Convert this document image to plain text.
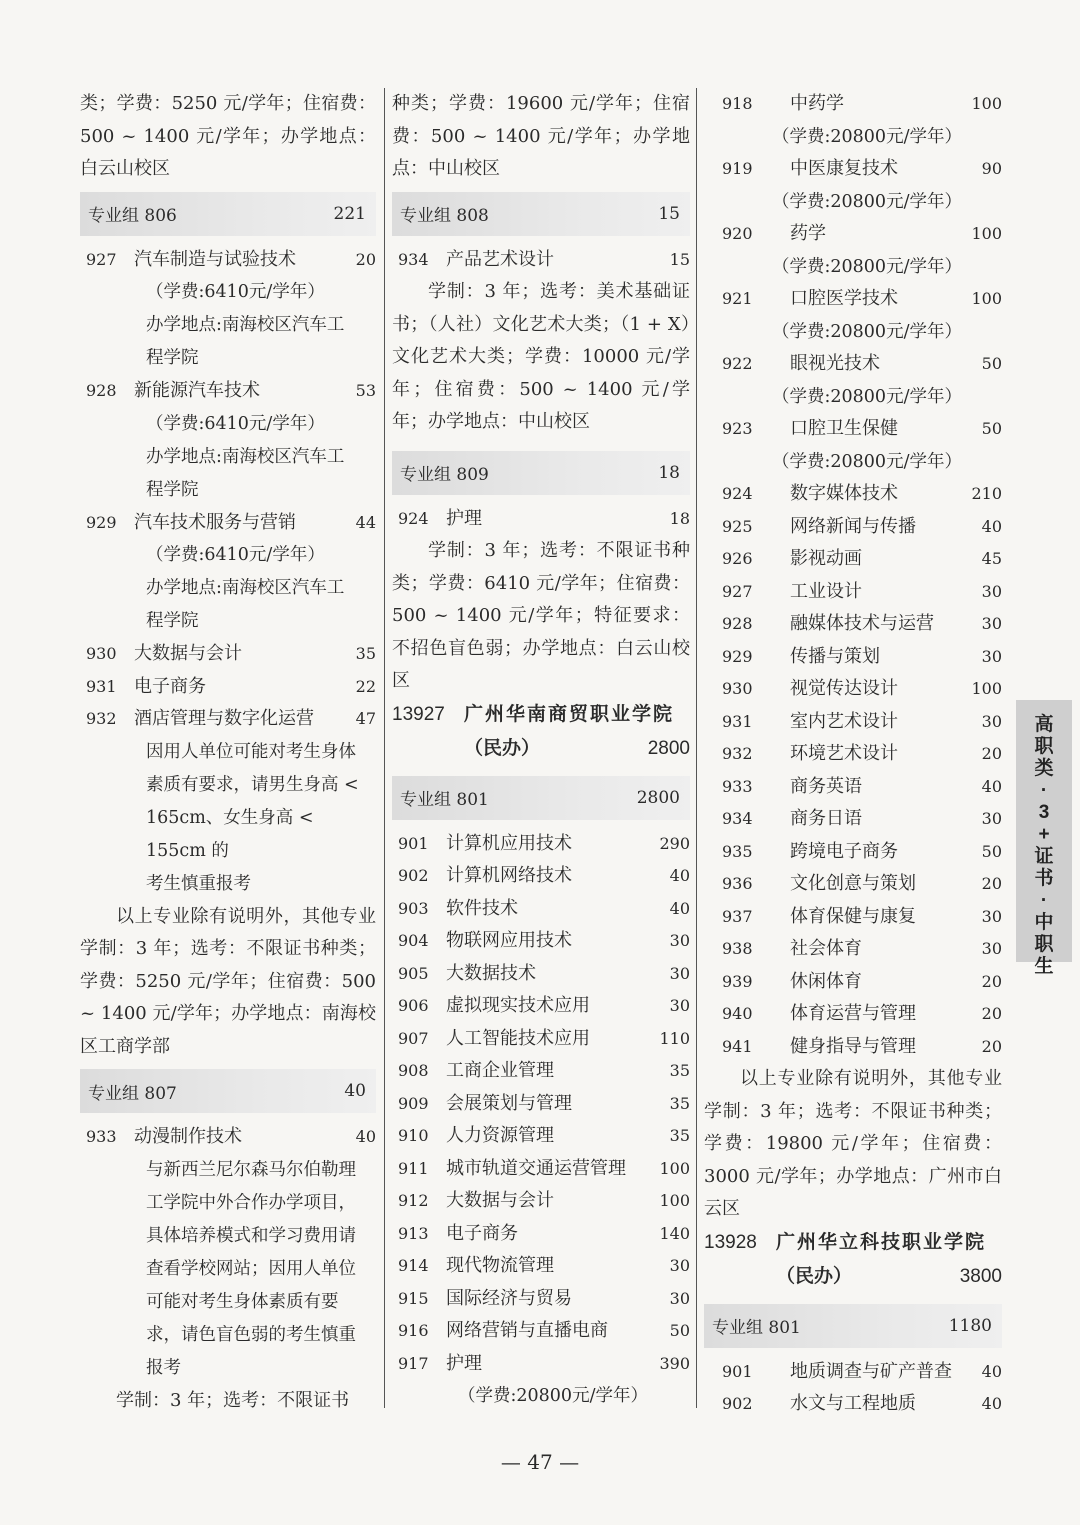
类；学费：5250 元/学年；住宿费：500 ~ 1400 元/学年；办学地点：白云山校区
专业组 806	221
927 汽车制造与试验技术	20
（学费:6410元/学年）
办学地点:南海校区汽车工
程学院
928 新能源汽车技术	53
（学费:6410元/学年）
办学地点:南海校区汽车工
程学院
929 汽车技术服务与营销	44
（学费:6410元/学年）
办学地点:南海校区汽车工
程学院
930 大数据与会计	35
931 电子商务	22
932 酒店管理与数字化运营	47
因用人单位可能对考生身体
素质有要求，请男生身高 <
165cm、女生身高 < 155cm 的
考生慎重报考
以上专业除有说明外，其他专业学制：3 年；选考：不限证书种类；学费：5250 元/学年；住宿费：500 ~ 1400 元/学年；办学地点：南海校区工商学部
专业组 807	40
933 动漫制作技术	40
与新西兰尼尔森马尔伯勒理
工学院中外合作办学项目，
具体培养模式和学习费用请
查看学校网站；因用人单位
可能对考生身体素质有要
求，请色盲色弱的考生慎重
报考
学制：3 年；选考：不限证书
种类；学费：19600 元/学年；住宿费：500 ~ 1400 元/学年；办学地点：中山校区
专业组 808	15
934 产品艺术设计	15
学制：3 年；选考：美术基础证书；（人社）文化艺术大类；（1 + X）文化艺术大类；学费：10000 元/学年；住宿费：500 ~ 1400 元/学年；办学地点：中山校区
专业组 809	18
924 护理	18
学制：3 年；选考：不限证书种类；学费：6410 元/学年；住宿费：500 ~ 1400 元/学年；特征要求：不招色盲色弱；办学地点：白云山校区
13927	广州华南商贸职业学院
（民办）	2800
专业组 801	2800
901 计算机应用技术	290
902 计算机网络技术	40
903 软件技术	40
904 物联网应用技术	30
905 大数据技术	30
906 虚拟现实技术应用	30
907 人工智能技术应用	110
908 工商企业管理	35
909 会展策划与管理	35
910 人力资源管理	35
911 城市轨道交通运营管理	100
912 大数据与会计	100
913 电子商务	140
914 现代物流管理	30
915 国际经济与贸易	30
916 网络营销与直播电商	50
917 护理	390
（学费:20800元/学年）
918	中药学	100
（学费:20800元/学年）
919	中医康复技术	90
（学费:20800元/学年）
920	药学	100
（学费:20800元/学年）
921	口腔医学技术	100
（学费:20800元/学年）
922	眼视光技术	50
（学费:20800元/学年）
923	口腔卫生保健	50
（学费:20800元/学年）
924	数字媒体技术	210
925	网络新闻与传播	40
926	影视动画	45
927	工业设计	30
928	融媒体技术与运营	30
929	传播与策划	30
930	视觉传达设计	100
931	室内艺术设计	30
932	环境艺术设计	20
933	商务英语	40
934	商务日语	30
935	跨境电子商务	50
936	文化创意与策划	20
937	体育保健与康复	30
938	社会体育	30
939	休闲体育	20
940	体育运营与管理	20
941	健身指导与管理	20
以上专业除有说明外，其他专业学制：3 年；选考：不限证书种类；学费：19800 元/学年；住宿费：3000 元/学年；办学地点：广州市白云区
13928	广州华立科技职业学院
（民办）	3800
专业组 801	1180
901	地质调查与矿产普查	40
902	水文与工程地质	40
高
职
类
·
3
+
证
书
·
中
职
生
— 47 —
